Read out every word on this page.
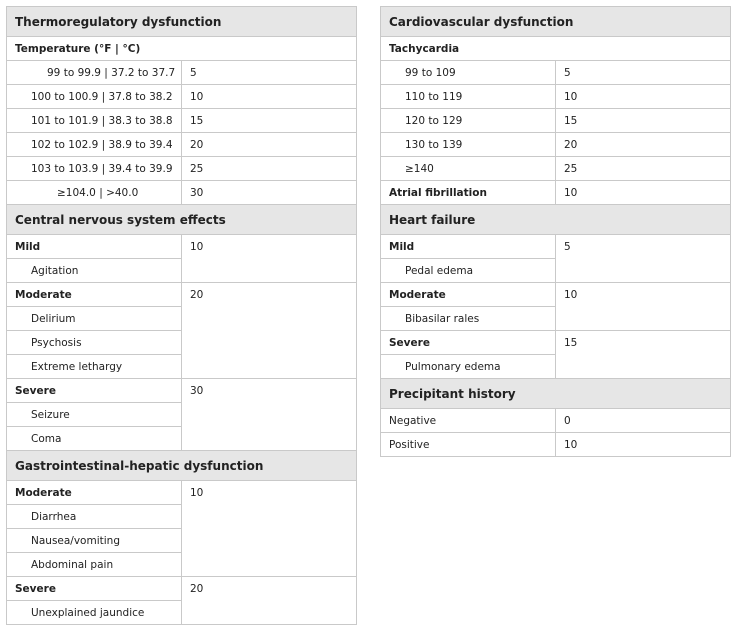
Thermoregulatory dysfunction	
Temperature (°F | °C)	
99 to 99.9 | 37.2 to 37.7	5
100 to 100.9 | 37.8 to 38.2	10
101 to 101.9 | 38.3 to 38.8	15
102 to 102.9 | 38.9 to 39.4	20
103 to 103.9 | 39.4 to 39.9	25
≥104.0 | >40.0	30
Central nervous system effects	
Mild	10
Agitation	
Moderate	20
Delirium	
Psychosis	
Extreme lethargy	
Severe	30
Seizure	
Coma	
Gastrointestinal-hepatic dysfunction	
Moderate	10
Diarrhea	
Nausea/vomiting	
Abdominal pain	
Severe	20
Unexplained jaundice	
Cardiovascular dysfunction	
Tachycardia	
99 to 109	5
110 to 119	10
120 to 129	15
130 to 139	20
≥140	25
Atrial fibrillation	10
Heart failure	
Mild	5
Pedal edema	
Moderate	10
Bibasilar rales	
Severe	15
Pulmonary edema	
Precipitant history	
Negative	0
Positive	10
